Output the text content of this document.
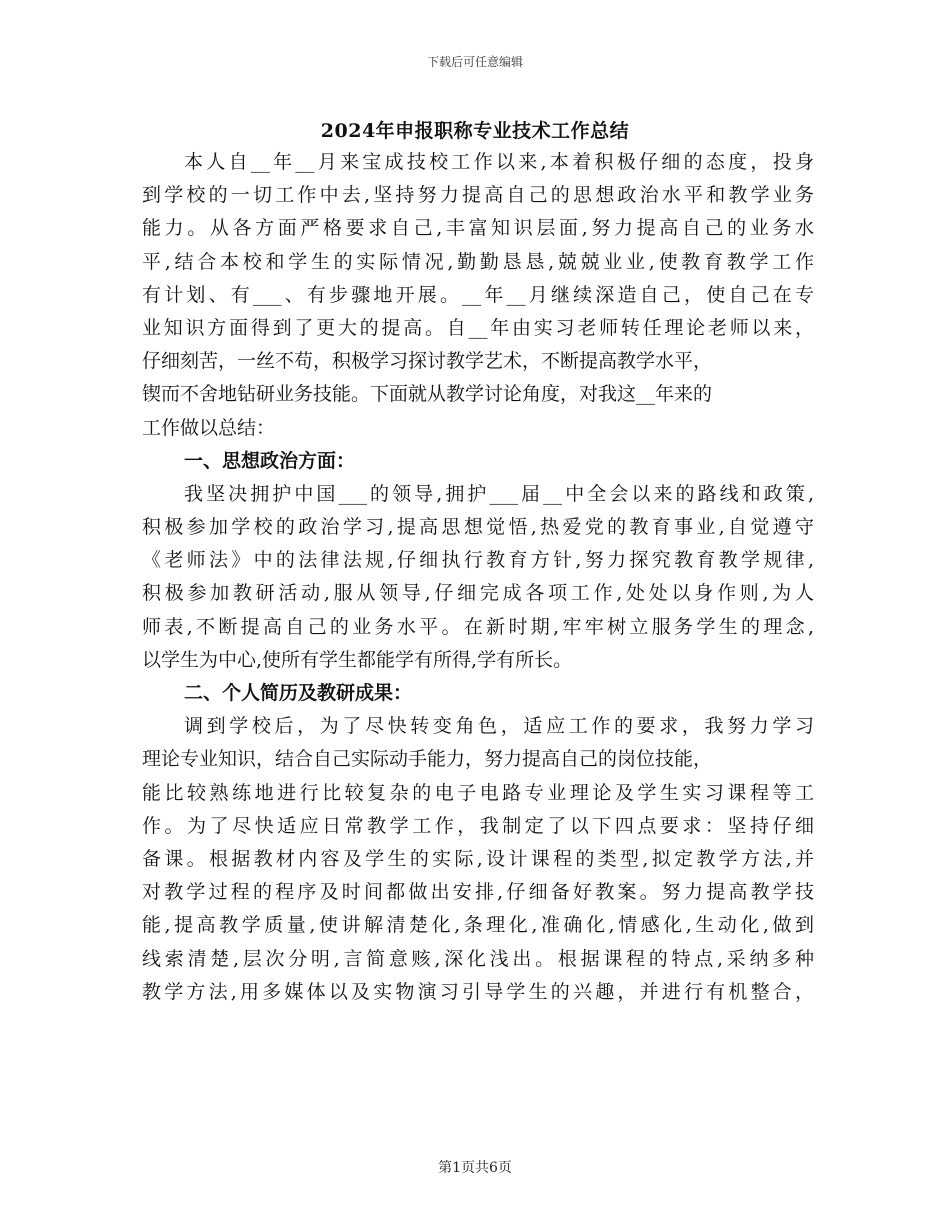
下载后可任意编辑
2024年申报职称专业技术工作总结
本人自__年__月来宝成技校工作以来,本着积极仔细的态度，投身
到学校的一切工作中去,坚持努力提高自己的思想政治水平和教学业务
能力。从各方面严格要求自己,丰富知识层面,努力提高自己的业务水
平,结合本校和学生的实际情况,勤勤恳恳,兢兢业业,使教育教学工作
有计划、有___、有步骤地开展。__年__月继续深造自己，使自己在专
业知识方面得到了更大的提高。自__年由实习老师转任理论老师以来，
仔细刻苦，一丝不苟，积极学习探讨教学艺术，不断提高教学水平，
锲而不舍地钻研业务技能。下面就从教学讨论角度，对我这__年来的
工作做以总结：
一、思想政治方面：
我坚决拥护中国___的领导,拥护___届__中全会以来的路线和政策,
积极参加学校的政治学习,提高思想觉悟,热爱党的教育事业,自觉遵守
《老师法》中的法律法规,仔细执行教育方针,努力探究教育教学规律,
积极参加教研活动,服从领导,仔细完成各项工作,处处以身作则,为人
师表,不断提高自己的业务水平。在新时期,牢牢树立服务学生的理念,
以学生为中心,使所有学生都能学有所得,学有所长。
二、个人简历及教研成果：
调到学校后，为了尽快转变角色，适应工作的要求，我努力学习
理论专业知识，结合自己实际动手能力，努力提高自己的岗位技能，
能比较熟练地进行比较复杂的电子电路专业理论及学生实习课程等工
作。为了尽快适应日常教学工作，我制定了以下四点要求：坚持仔细
备课。根据教材内容及学生的实际,设计课程的类型,拟定教学方法,并
对教学过程的程序及时间都做出安排,仔细备好教案。努力提高教学技
能,提高教学质量,使讲解清楚化,条理化,准确化,情感化,生动化,做到
线索清楚,层次分明,言简意赅,深化浅出。根据课程的特点,采纳多种
教学方法,用多媒体以及实物演习引导学生的兴趣，并进行有机整合，
第1页共6页
